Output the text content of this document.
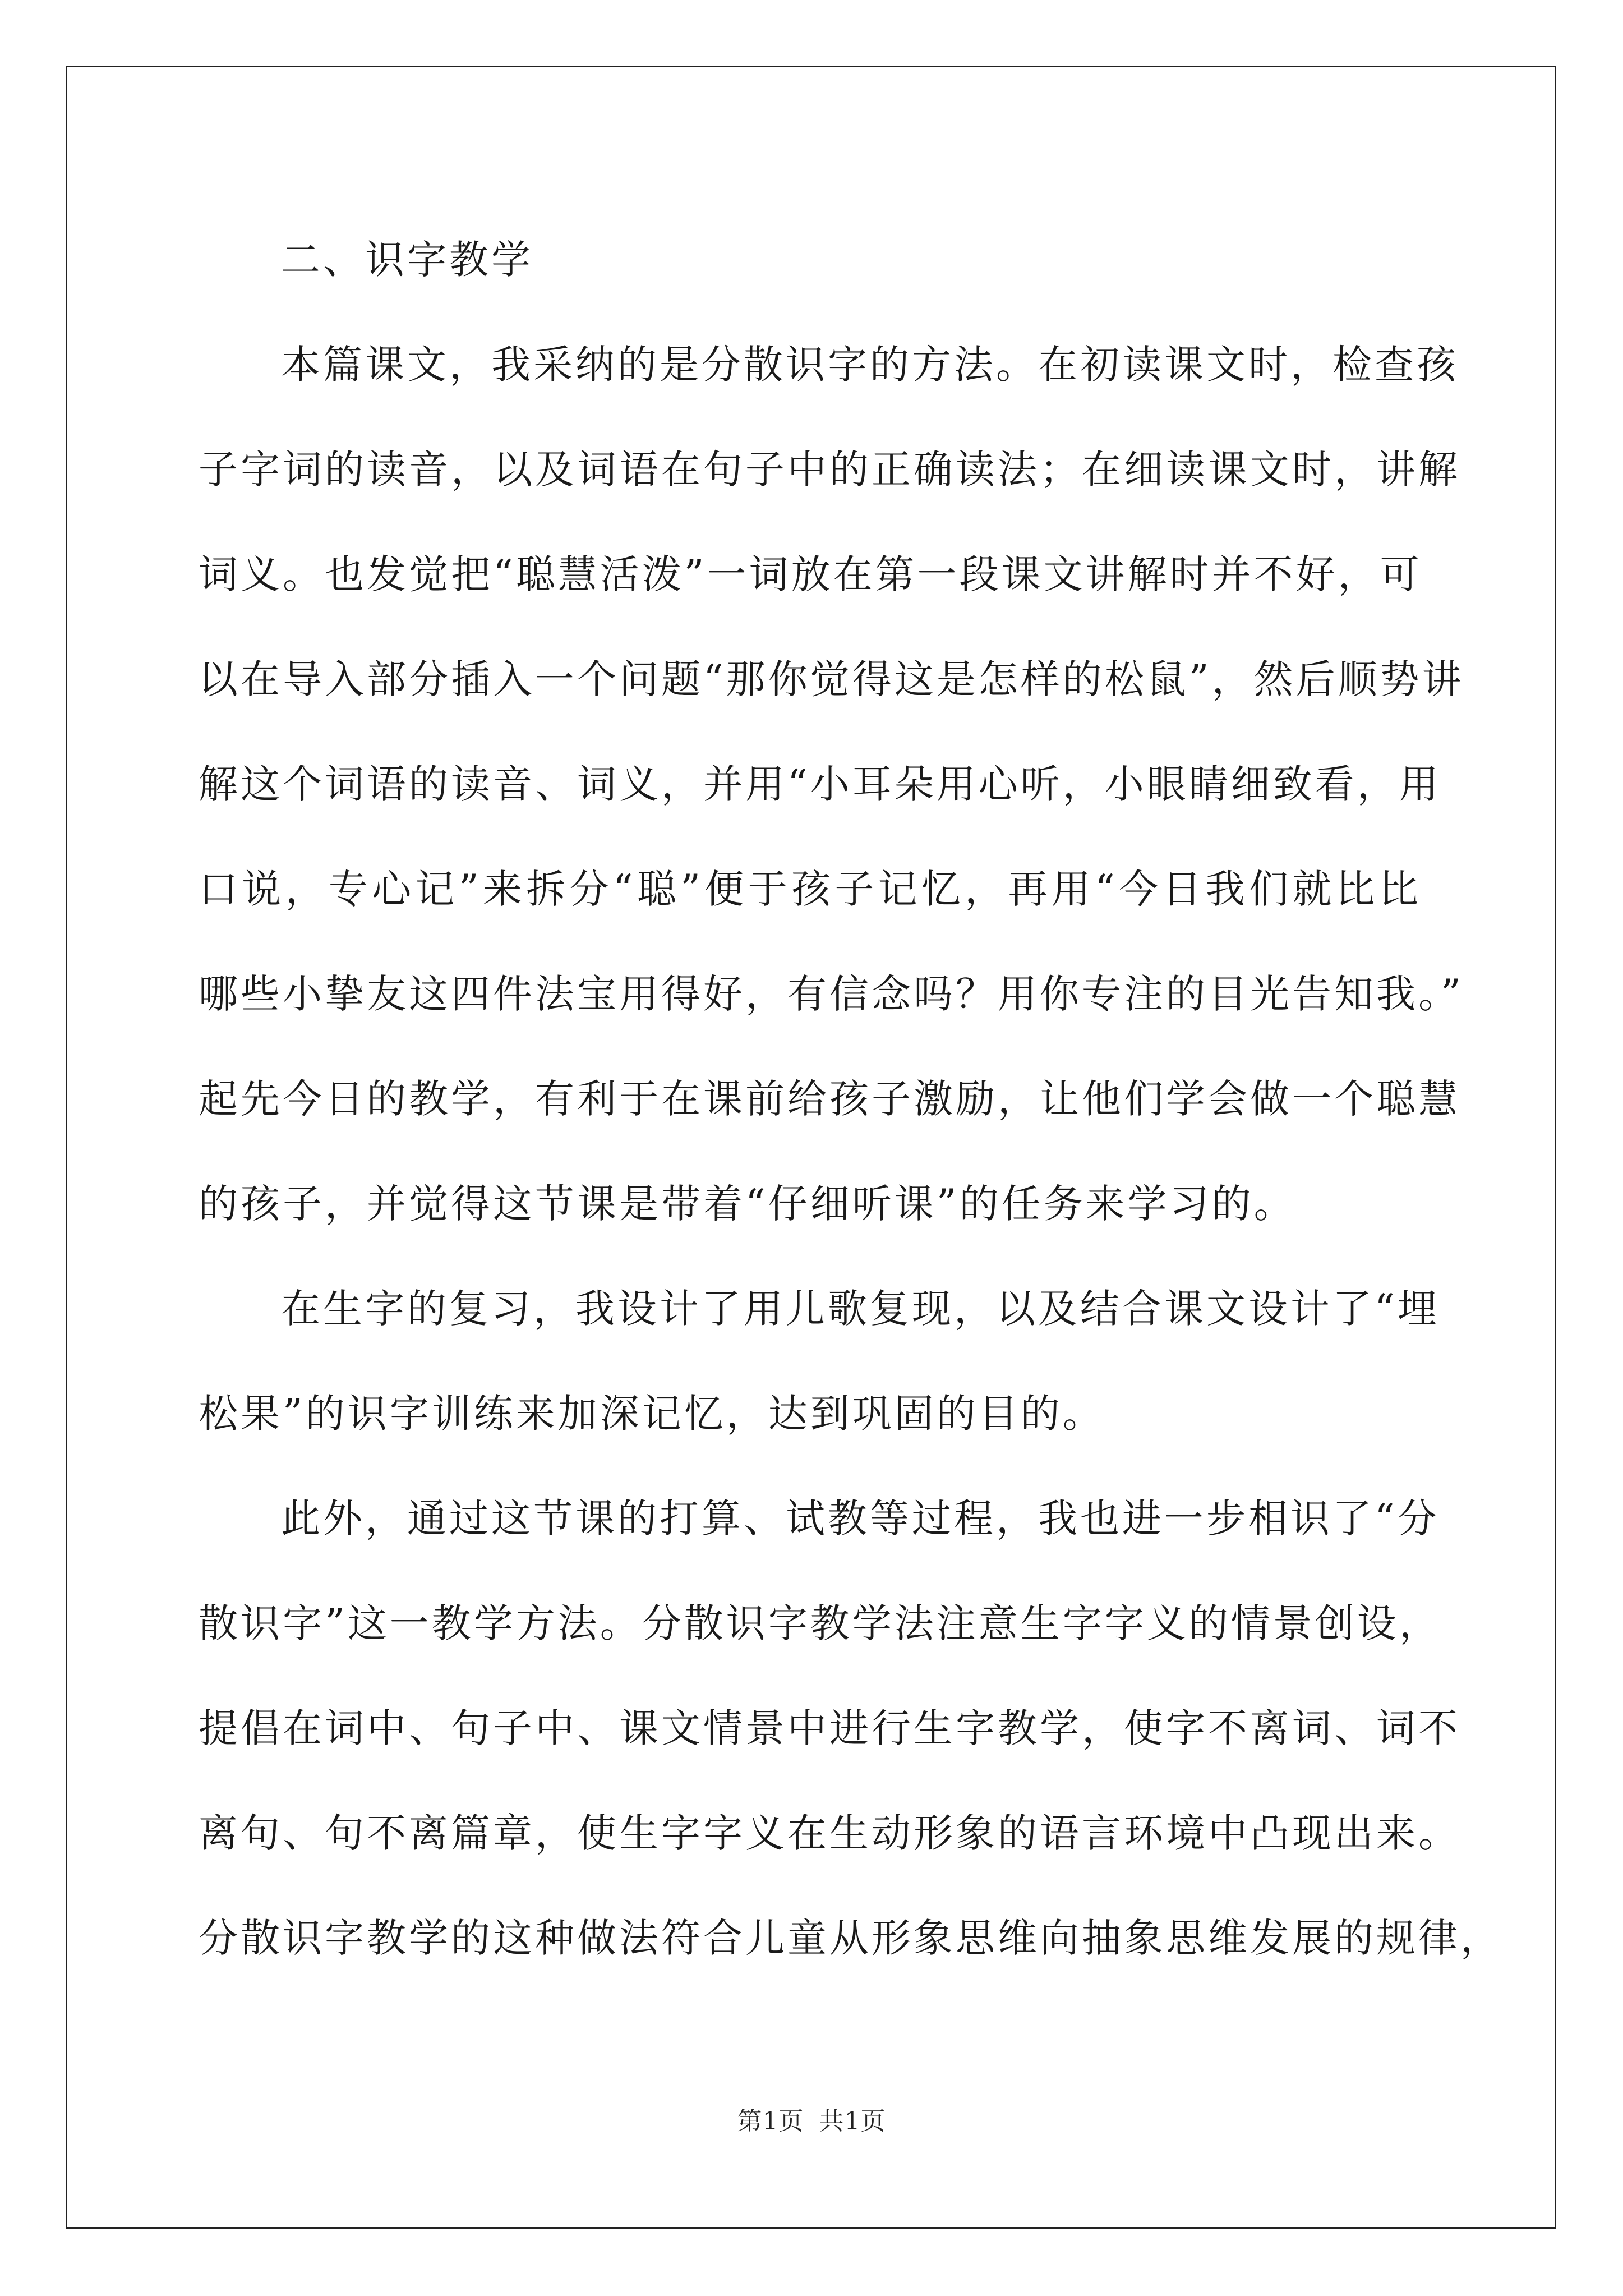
二、识字教学
本篇课文，我采纳的是分散识字的方法。在初读课文时，检查孩
子字词的读音，以及词语在句子中的正确读法；在细读课文时，讲解
词义。也发觉把“聪慧活泼”一词放在第一段课文讲解时并不好，可
以在导入部分插入一个问题“那你觉得这是怎样的松鼠”，然后顺势讲
解这个词语的读音、词义，并用“小耳朵用心听，小眼睛细致看，用
口说，专心记”来拆分“聪”便于孩子记忆，再用“今日我们就比比
哪些小挚友这四件法宝用得好，有信念吗？用你专注的目光告知我。”
起先今日的教学，有利于在课前给孩子激励，让他们学会做一个聪慧
的孩子，并觉得这节课是带着“仔细听课”的任务来学习的。
在生字的复习，我设计了用儿歌复现，以及结合课文设计了“埋
松果”的识字训练来加深记忆，达到巩固的目的。
此外，通过这节课的打算、试教等过程，我也进一步相识了“分
散识字”这一教学方法。分散识字教学法注意生字字义的情景创设，
提倡在词中、句子中、课文情景中进行生字教学，使字不离词、词不
离句、句不离篇章，使生字字义在生动形象的语言环境中凸现出来。
分散识字教学的这种做法符合儿童从形象思维向抽象思维发展的规律，
第1页 共1页
